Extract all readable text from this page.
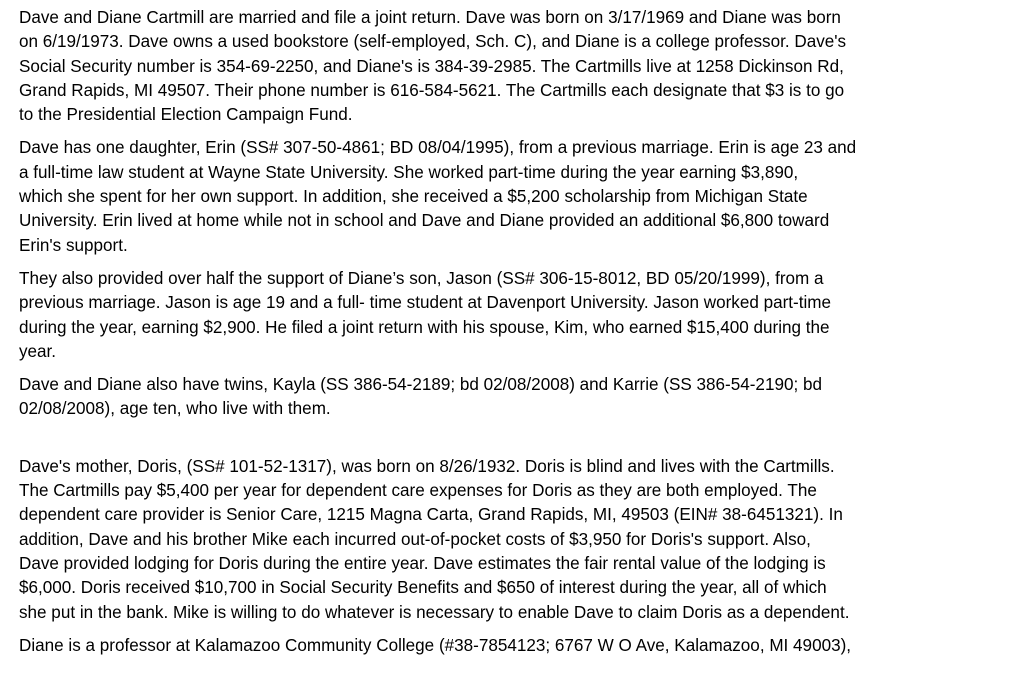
Dave and Diane Cartmill are married and file a joint return. Dave was born on 3/17/1969 and Diane was born
on 6/19/1973. Dave owns a used bookstore (self-employed, Sch. C), and Diane is a college professor. Dave's
Social Security number is 354-69-2250, and Diane's is 384-39-2985. The Cartmills live at 1258 Dickinson Rd,
Grand Rapids, MI 49507. Their phone number is 616-584-5621. The Cartmills each designate that $3 is to go
to the Presidential Election Campaign Fund.
Dave has one daughter, Erin (SS# 307-50-4861; BD 08/04/1995), from a previous marriage. Erin is age 23 and
a full-time law student at Wayne State University. She worked part-time during the year earning $3,890,
which she spent for her own support. In addition, she received a $5,200 scholarship from Michigan State
University. Erin lived at home while not in school and Dave and Diane provided an additional $6,800 toward
Erin's support.
They also provided over half the support of Diane’s son, Jason (SS# 306-15-8012, BD 05/20/1999), from a
previous marriage. Jason is age 19 and a full- time student at Davenport University. Jason worked part-time
during the year, earning $2,900. He filed a joint return with his spouse, Kim, who earned $15,400 during the
year.
Dave and Diane also have twins, Kayla (SS 386-54-2189; bd 02/08/2008) and Karrie (SS 386-54-2190; bd
02/08/2008), age ten, who live with them.
Dave's mother, Doris, (SS# 101-52-1317), was born on 8/26/1932. Doris is blind and lives with the Cartmills.
The Cartmills pay $5,400 per year for dependent care expenses for Doris as they are both employed. The
dependent care provider is Senior Care, 1215 Magna Carta, Grand Rapids, MI, 49503 (EIN# 38-6451321). In
addition, Dave and his brother Mike each incurred out-of-pocket costs of $3,950 for Doris's support. Also,
Dave provided lodging for Doris during the entire year. Dave estimates the fair rental value of the lodging is
$6,000. Doris received $10,700 in Social Security Benefits and $650 of interest during the year, all of which
she put in the bank. Mike is willing to do whatever is necessary to enable Dave to claim Doris as a dependent.
Diane is a professor at Kalamazoo Community College (#38-7854123; 6767 W O Ave, Kalamazoo, MI 49003),
